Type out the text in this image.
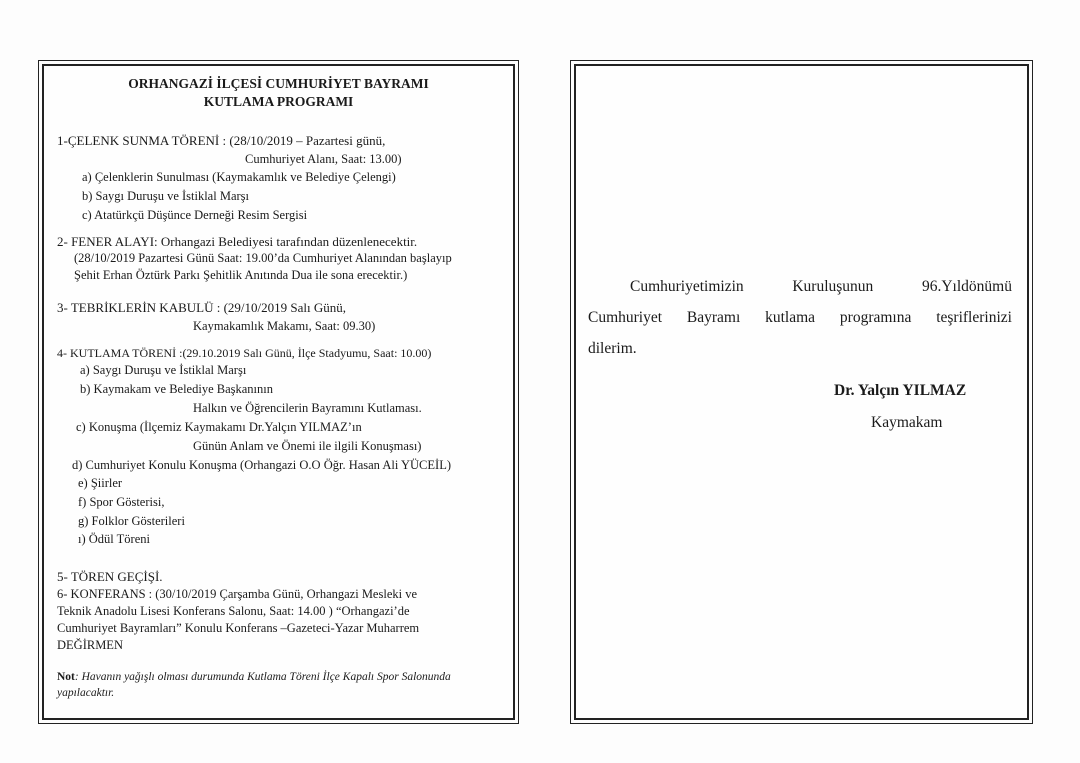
ORHANGAZİ İLÇESİ CUMHURİYET BAYRAMI
KUTLAMA PROGRAMI
1-ÇELENK SUNMA TÖRENİ : (28/10/2019 – Pazartesi günü,
Cumhuriyet Alanı, Saat: 13.00)
a) Çelenklerin Sunulması (Kaymakamlık ve Belediye Çelengi)
b) Saygı Duruşu ve İstiklal Marşı
c) Atatürkçü Düşünce Derneği Resim Sergisi
2- FENER ALAYI: Orhangazi Belediyesi tarafından düzenlenecektir.
(28/10/2019 Pazartesi Günü Saat: 19.00’da Cumhuriyet Alanından başlayıp
Şehit Erhan Öztürk Parkı Şehitlik Anıtında Dua ile sona erecektir.)
3- TEBRİKLERİN KABULÜ : (29/10/2019 Salı Günü,
Kaymakamlık Makamı, Saat: 09.30)
4- KUTLAMA TÖRENİ :(29.10.2019 Salı Günü, İlçe Stadyumu, Saat: 10.00)
a) Saygı Duruşu ve İstiklal Marşı
b) Kaymakam ve Belediye Başkanının
Halkın ve Öğrencilerin Bayramını Kutlaması.
c) Konuşma (İlçemiz Kaymakamı Dr.Yalçın YILMAZ’ın
Günün Anlam ve Önemi ile ilgili Konuşması)
d) Cumhuriyet Konulu Konuşma (Orhangazi O.O Öğr. Hasan Ali YÜCEİL)
e) Şiirler
f) Spor Gösterisi,
g) Folklor Gösterileri
ı) Ödül Töreni
5- TÖREN GEÇİŞİ.
6- KONFERANS : (30/10/2019 Çarşamba Günü, Orhangazi Mesleki ve
Teknik Anadolu Lisesi Konferans Salonu, Saat: 14.00 ) “Orhangazi’de
Cumhuriyet Bayramları” Konulu Konferans –Gazeteci-Yazar Muharrem
DEĞİRMEN
Not: Havanın yağışlı olması durumunda Kutlama Töreni İlçe Kapalı Spor Salonunda
yapılacaktır.
Cumhuriyetimizin	Kuruluşunun	96.Yıldönümü
Cumhuriyet Bayramı kutlama programına teşriflerinizi
dilerim.
Dr. Yalçın YILMAZ
Kaymakam
